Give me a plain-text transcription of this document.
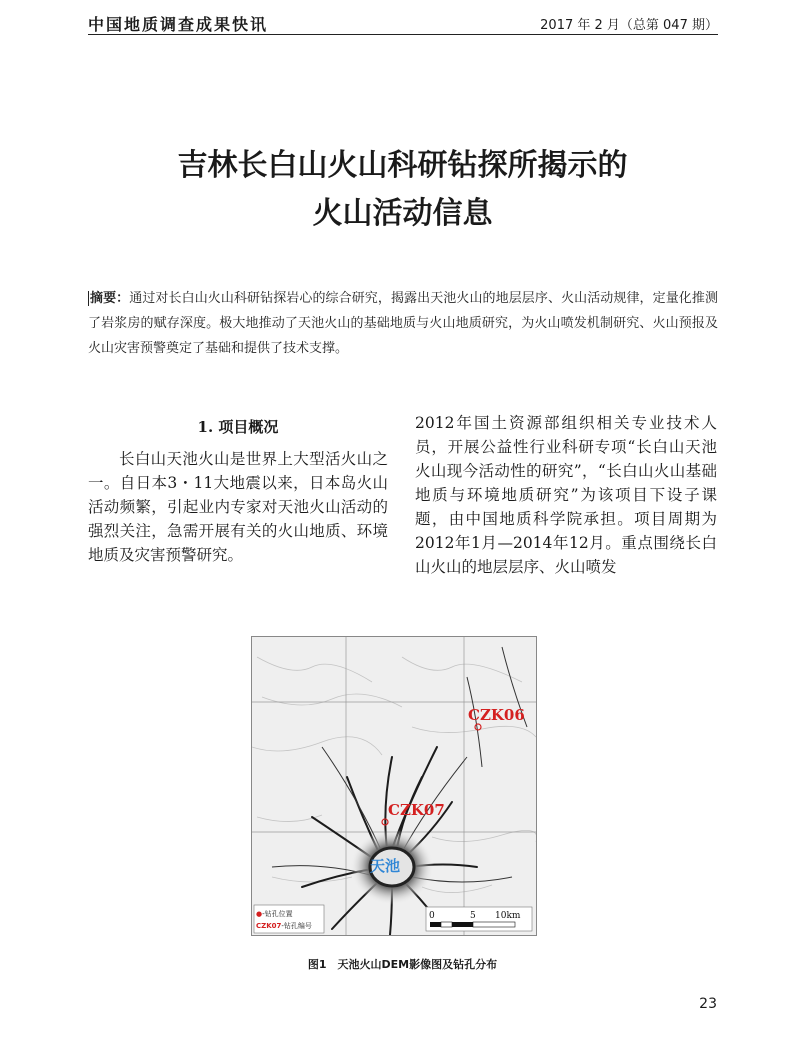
中国地质调查成果快讯	2017 年 2 月（总第 047 期）
吉林长白山火山科研钻探所揭示的
火山活动信息
摘要：通过对长白山火山科研钻探岩心的综合研究，揭露出天池火山的地层层序、火山活动规律，定量化推测了岩浆房的赋存深度。极大地推动了天池火山的基础地质与火山地质研究，为火山喷发机制研究、火山预报及火山灾害预警奠定了基础和提供了技术支撑。
1. 项目概况

长白山天池火山是世界上大型活火山之一。自日本3・11大地震以来，日本岛火山活动频繁，引起业内专家对天池火山活动的强烈关注，急需开展有关的火山地质、环境地质及灾害预警研究。

2012年国土资源部组织相关专业技术人员，开展公益性行业科研专项“长白山天池火山现今活动性的研究”，“长白山火山基础地质与环境地质研究”为该项目下设子课题，由中国地质科学院承担。项目周期为2012年1月—2014年12月。重点围绕长白山火山的地层层序、火山喷发

CZK06
CZK07
天池
●-钻孔位置
CZK07-钻孔编号
0	5 10km
图1　天池火山DEM影像图及钻孔分布
23
